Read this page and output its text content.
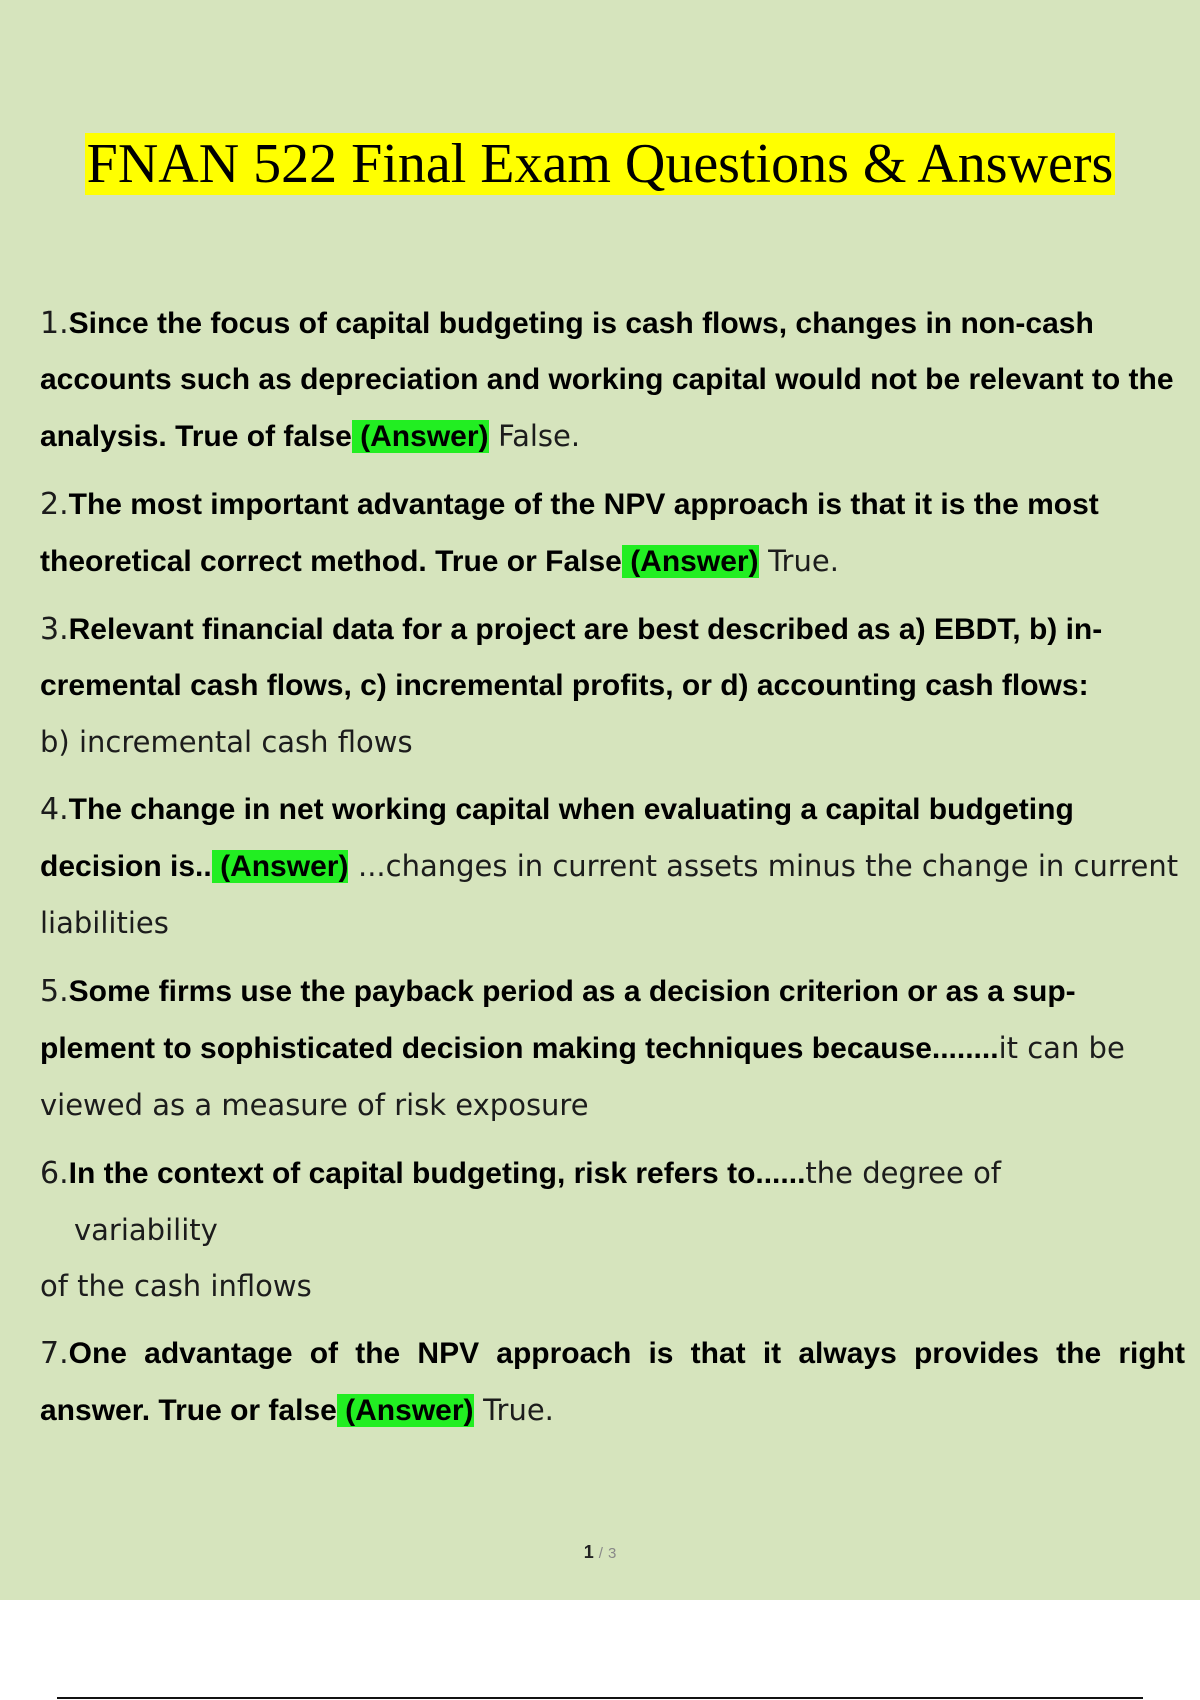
FNAN 522 Final Exam Questions & Answers
1.Since the focus of capital budgeting is cash flows, changes in non-cash accounts such as depreciation and working capital would not be relevant to the analysis. True of false (Answer) False.
2.The most important advantage of the NPV approach is that it is the most theoretical correct method. True or False (Answer) True.
3.Relevant financial data for a project are best described as a) EBDT, b) in-cremental cash flows, c) incremental profits, or d) accounting cash flows:
b) incremental cash flows
4.The change in net working capital when evaluating a capital budgeting decision is.. (Answer) ...changes in current assets minus the change in current liabilities
5.Some firms use the payback period as a decision criterion or as a sup-plement to sophisticated decision making techniques because........it can be
viewed as a measure of risk exposure
6.In the context of capital budgeting, risk refers to......the degree of
variability
of the cash inflows
7.One advantage of the NPV approach is that it always provides the right answer. True or false (Answer) True.
1 / 3
